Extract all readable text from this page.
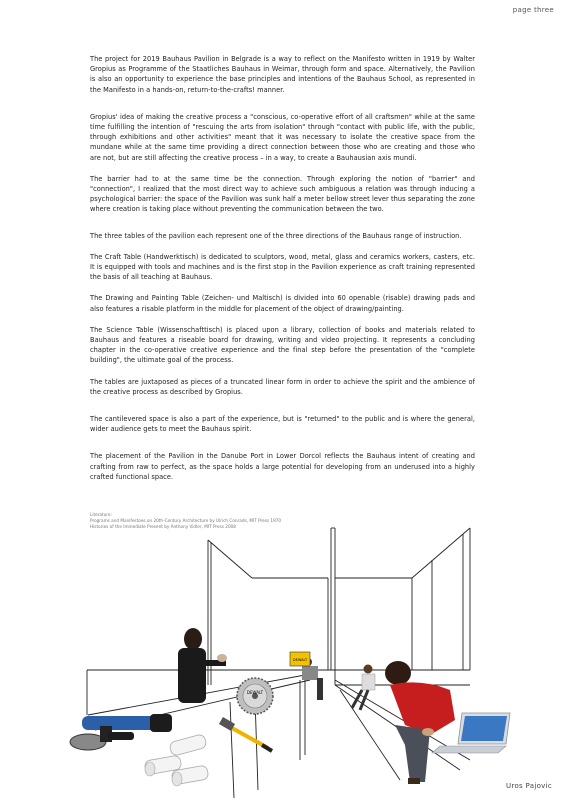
page three

The project for 2019 Bauhaus Pavilion in Belgrade is a way to reflect on the Manifesto written in 1919 by Walter Gropius as Programme of the Staatliches Bauhaus in Weimar, through form and space. Alternatively, the Pavilion is also an opportunity to experience the base principles and intentions of the Bauhaus School, as represented in the Manifesto in a hands-on, return-to-the-crafts! manner.

Gropius' idea of making the creative process a "conscious, co-operative effort of all craftsmen" while at the same time fulfilling the intention of "rescuing the arts from isolation" through "contact with public life, with the public, through exhibitions and other activities" meant that it was necessary to isolate the creative space from the mundane while at the same time providing a direct connection between those who are creating and those who are not, but are still affecting the creative process – in a way, to create a Bauhausian axis mundi.

The barrier had to at the same time be the connection. Through exploring the notion of "barrier" and "connection", I realized that the most direct way to achieve such ambiguous a relation was through inducing a psychological barrier: the space of the Pavilion was sunk half a meter bellow street lever thus separating the zone where creation is taking place without preventing the communication between the two.

The three tables of the pavilion each represent one of the three directions of the Bauhaus range of instruction.

The Craft Table (Handwerktisch) is dedicated to sculptors, wood, metal, glass and ceramics workers, casters, etc. It is equipped with tools and machines and is the first stop in the Pavilion experience as craft training represented the basis of all teaching at Bauhaus.

The Drawing and Painting Table (Zeichen- und Maltisch) is divided into 60 openable (risable) drawing pads and also features a risable platform in the middle for placement of the object of drawing/painting.

The Science Table (Wissenschafttisch) is placed upon a library, collection of books and materials related to Bauhaus and features a riseable board for drawing, writing and video projecting. It represents a concluding chapter in the co-operative creative experience and the final step before the presentation of the "complete building", the ultimate goal of the process.

The tables are juxtaposed as pieces of a truncated linear form in order to achieve the spirit and the ambience of the creative process as described by Gropius.

The cantilevered space is also a part of the experience, but is "returned" to the public and is where the general, wider audience gets to meet the Bauhaus spirit.

The placement of the Pavilion in the Danube Port in Lower Dorcol reflects the Bauhaus intent of creating and crafting from raw to perfect, as the space holds a large potential for developing from an underused into a highly crafted functional space.

Literature:

Programs and Manifestoes on 20th-Century Architecture by Ulrich Conrads, MIT Press 1970

Histories of the Immediate Present by Anthony Vidler, MIT Press 2008

DEWALT
DEWALT
Uros Pajovic
